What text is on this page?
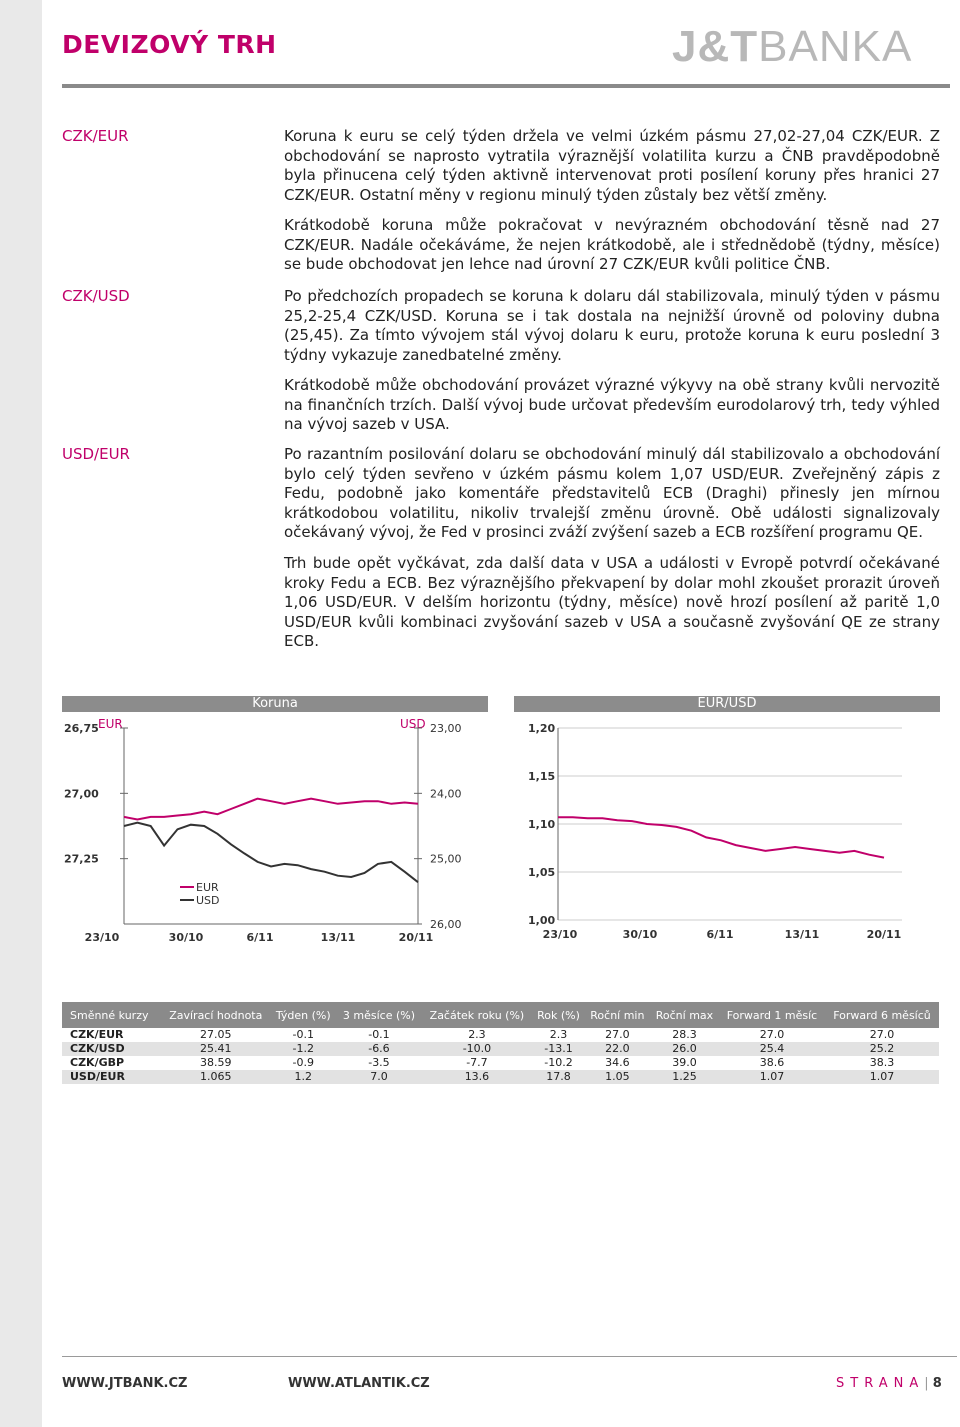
DEVIZOVÝ TRH	J&TBANKA
CZK/EUR	Koruna k euru se celý týden držela ve velmi úzkém pásmu 27,02-27,04 CZK/EUR. Z obchodování se naprosto vytratila výraznější volatilita kurzu a ČNB pravděpodobně byla přinucena celý týden aktivně intervenovat proti posílení koruny přes hranici 27 CZK/EUR. Ostatní měny v regionu minulý týden zůstaly bez větší změny.
Krátkodobě koruna může pokračovat v nevýrazném obchodování těsně nad 27 CZK/EUR. Nadále očekáváme, že nejen krátkodobě, ale i střednědobě (týdny, měsíce) se bude obchodovat jen lehce nad úrovní 27 CZK/EUR kvůli politice ČNB.
CZK/USD	Po předchozích propadech se koruna k dolaru dál stabilizovala, minulý týden v pásmu 25,2-25,4 CZK/USD. Koruna se i tak dostala na nejnižší úrovně od poloviny dubna (25,45). Za tímto vývojem stál vývoj dolaru k euru, protože koruna k euru poslední 3 týdny vykazuje zanedbatelné změny.
Krátkodobě může obchodování provázet výrazné výkyvy na obě strany kvůli nervozitě na finančních trzích. Další vývoj bude určovat především eurodolarový trh, tedy výhled na vývoj sazeb v USA.
USD/EUR	Po razantním posilování dolaru se obchodování minulý dál stabilizovalo a obchodování bylo celý týden sevřeno v úzkém pásmu kolem 1,07 USD/EUR. Zveřejněný zápis z Fedu, podobně jako komentáře představitelů ECB (Draghi) přinesly jen mírnou krátkodobou volatilitu, nikoliv trvalejší změnu úrovně. Obě události signalizovaly očekávaný vývoj, že Fed v prosinci zváží zvýšení sazeb a ECB rozšíření programu QE.
Trh bude opět vyčkávat, zda další data v USA a události v Evropě potvrdí očekávané kroky Fedu a ECB. Bez výraznějšího překvapení by dolar mohl zkoušet prorazit úroveň 1,06 USD/EUR. V delším horizontu (týdny, měsíce) nově hrozí posílení až paritě 1,0 USD/EUR kvůli kombinaci zvyšování sazeb v USA a současně zvyšování QE ze strany ECB.
Koruna
EUR	USD
26,75
27,00
27,25
23,00
24,00
25,00
26,00
23/10	30/10	6/11	13/11	20/11
EUR
USD
EUR/USD
1,00
1,05
1,10
1,15
1,20
23/10	30/10	6/11	13/11	20/11
Směnné kurzy	Zavírací hodnota	Týden (%)	3 měsíce (%)	Začátek roku (%)	Rok (%)	Roční min	Roční max	Forward 1 měsíc	Forward 6 měsíců
CZK/EUR	27.05	-0.1	-0.1	2.3	2.3	27.0	28.3	27.0	27.0
CZK/USD	25.41	-1.2	-6.6	-10.0	-13.1	22.0	26.0	25.4	25.2
CZK/GBP	38.59	-0.9	-3.5	-7.7	-10.2	34.6	39.0	38.6	38.3
USD/EUR	1.065	1.2	7.0	13.6	17.8	1.05	1.25	1.07	1.07
WWW.JTBANK.CZ	WWW.ATLANTIK.CZ	STRANA| 8
